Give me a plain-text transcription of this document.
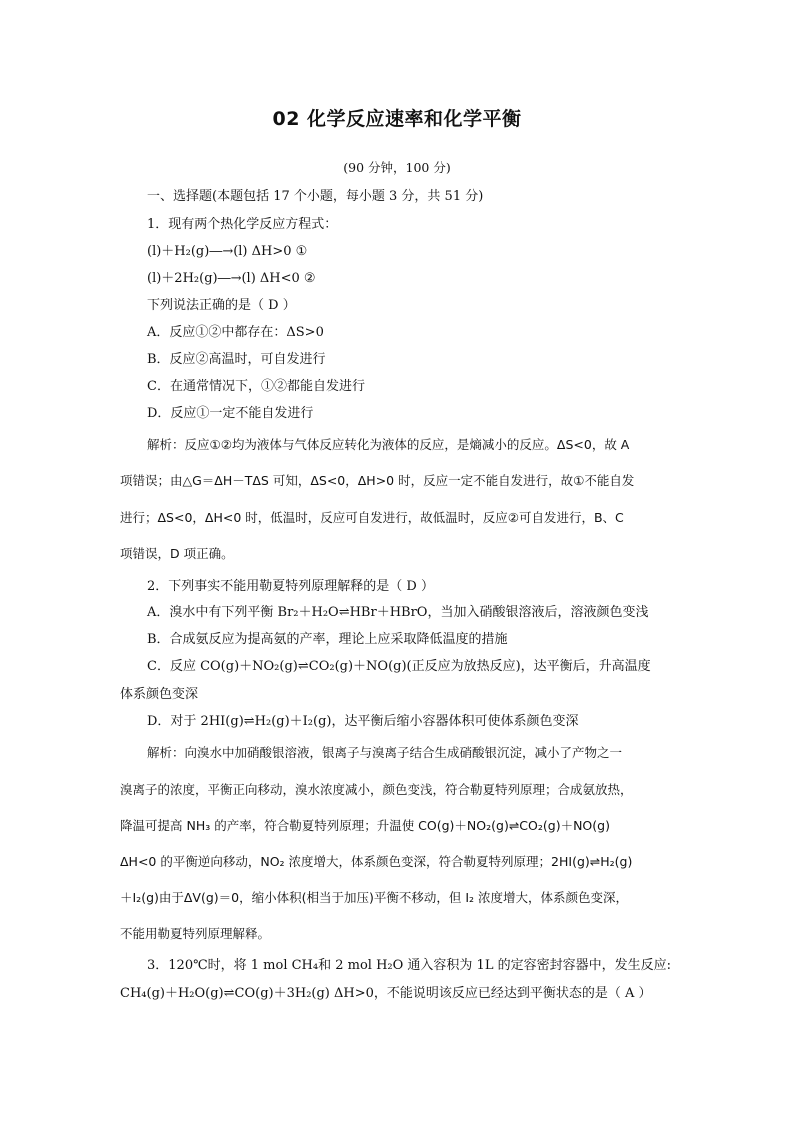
02 化学反应速率和化学平衡
(90 分钟，100 分)
一、选择题(本题包括 17 个小题，每小题 3 分，共 51 分)
1．现有两个热化学反应方程式：
(l)＋H₂(g)―→(l) ΔH>0 ①
(l)＋2H₂(g)―→(l) ΔH<0 ②
下列说法正确的是（ D ）
A．反应①②中都存在：ΔS>0
B．反应②高温时，可自发进行
C．在通常情况下，①②都能自发进行
D．反应①一定不能自发进行
解析：反应①②均为液体与气体反应转化为液体的反应，是熵减小的反应。ΔS<0，故 A
项错误；由△G＝ΔH－TΔS 可知，ΔS<0，ΔH>0 时，反应一定不能自发进行，故①不能自发
进行；ΔS<0，ΔH<0 时，低温时，反应可自发进行，故低温时，反应②可自发进行，B、C
项错误，D 项正确。
2．下列事实不能用勒夏特列原理解释的是（ D ）
A．溴水中有下列平衡 Br₂＋H₂O⇌HBr＋HBrO，当加入硝酸银溶液后，溶液颜色变浅
B．合成氨反应为提高氨的产率，理论上应采取降低温度的措施
C．反应 CO(g)＋NO₂(g)⇌CO₂(g)＋NO(g)(正反应为放热反应)，达平衡后，升高温度
体系颜色变深
D．对于 2HI(g)⇌H₂(g)＋I₂(g)，达平衡后缩小容器体积可使体系颜色变深
解析：向溴水中加硝酸银溶液，银离子与溴离子结合生成硝酸银沉淀，减小了产物之一
溴离子的浓度，平衡正向移动，溴水浓度减小，颜色变浅，符合勒夏特列原理；合成氨放热，
降温可提高 NH₃ 的产率，符合勒夏特列原理；升温使 CO(g)＋NO₂(g)⇌CO₂(g)＋NO(g)
ΔH<0 的平衡逆向移动，NO₂ 浓度增大，体系颜色变深，符合勒夏特列原理；2HI(g)⇌H₂(g)
＋I₂(g)由于ΔV(g)＝0，缩小体积(相当于加压)平衡不移动，但 I₂ 浓度增大，体系颜色变深，
不能用勒夏特列原理解释。
3．120℃时，将 1 mol CH₄和 2 mol H₂O 通入容积为 1L 的定容密封容器中，发生反应:
CH₄(g)＋H₂O(g)⇌CO(g)＋3H₂(g) ΔH>0，不能说明该反应已经达到平衡状态的是（ A ）
